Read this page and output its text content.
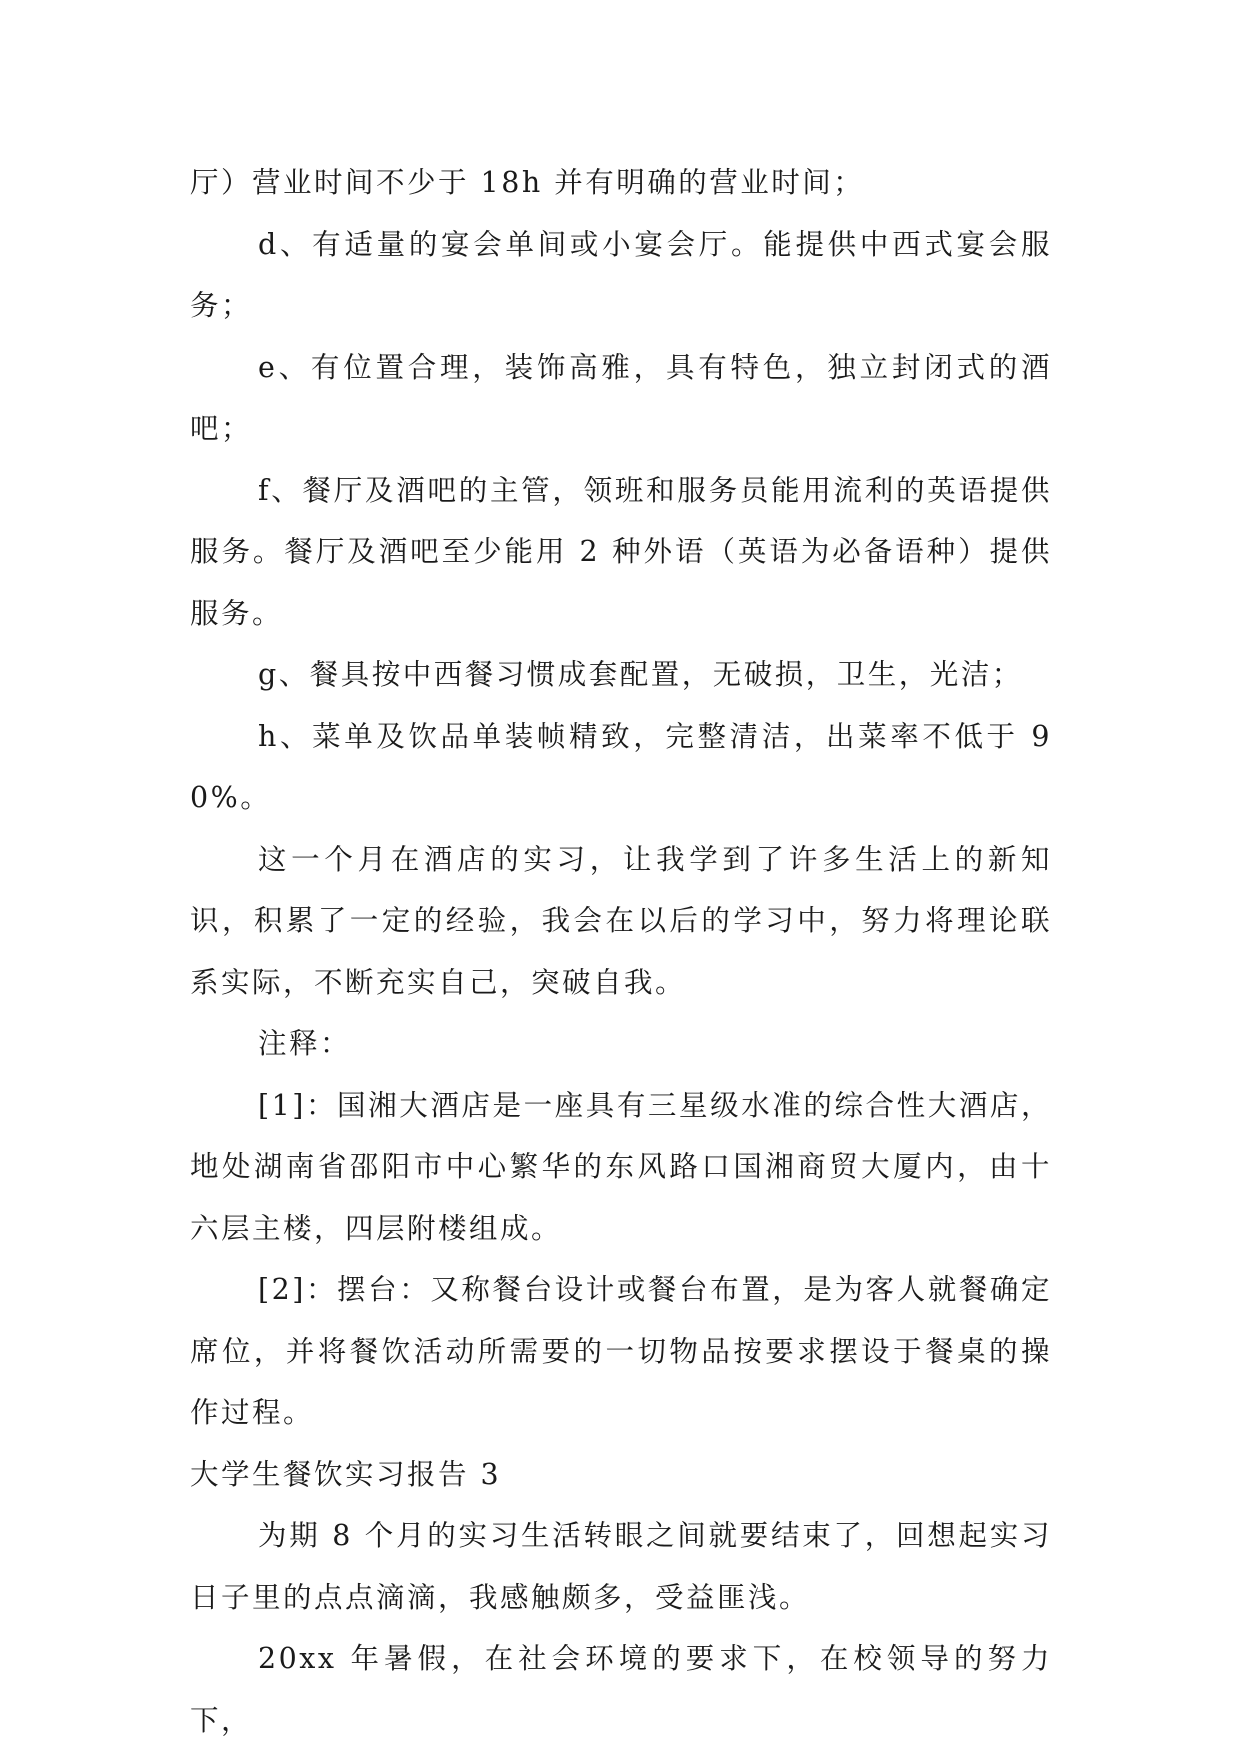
厅）营业时间不少于 18h 并有明确的营业时间；

d、有适量的宴会单间或小宴会厅。能提供中西式宴会服务；

e、有位置合理，装饰高雅，具有特色，独立封闭式的酒吧；

f、餐厅及酒吧的主管，领班和服务员能用流利的英语提供服务。餐厅及酒吧至少能用 2 种外语（英语为必备语种）提供服务。

g、餐具按中西餐习惯成套配置，无破损，卫生，光洁；

h、菜单及饮品单装帧精致，完整清洁，出菜率不低于 90%。

这一个月在酒店的实习，让我学到了许多生活上的新知识，积累了一定的经验，我会在以后的学习中，努力将理论联系实际，不断充实自己，突破自我。

注释：

[1]：国湘大酒店是一座具有三星级水准的综合性大酒店，地处湖南省邵阳市中心繁华的东风路口国湘商贸大厦内，由十六层主楼，四层附楼组成。

[2]：摆台：又称餐台设计或餐台布置，是为客人就餐确定席位，并将餐饮活动所需要的一切物品按要求摆设于餐桌的操作过程。

大学生餐饮实习报告 3

为期 8 个月的实习生活转眼之间就要结束了，回想起实习日子里的点点滴滴，我感触颇多，受益匪浅。

20xx 年暑假，在社会环境的要求下，在校领导的努力下，
